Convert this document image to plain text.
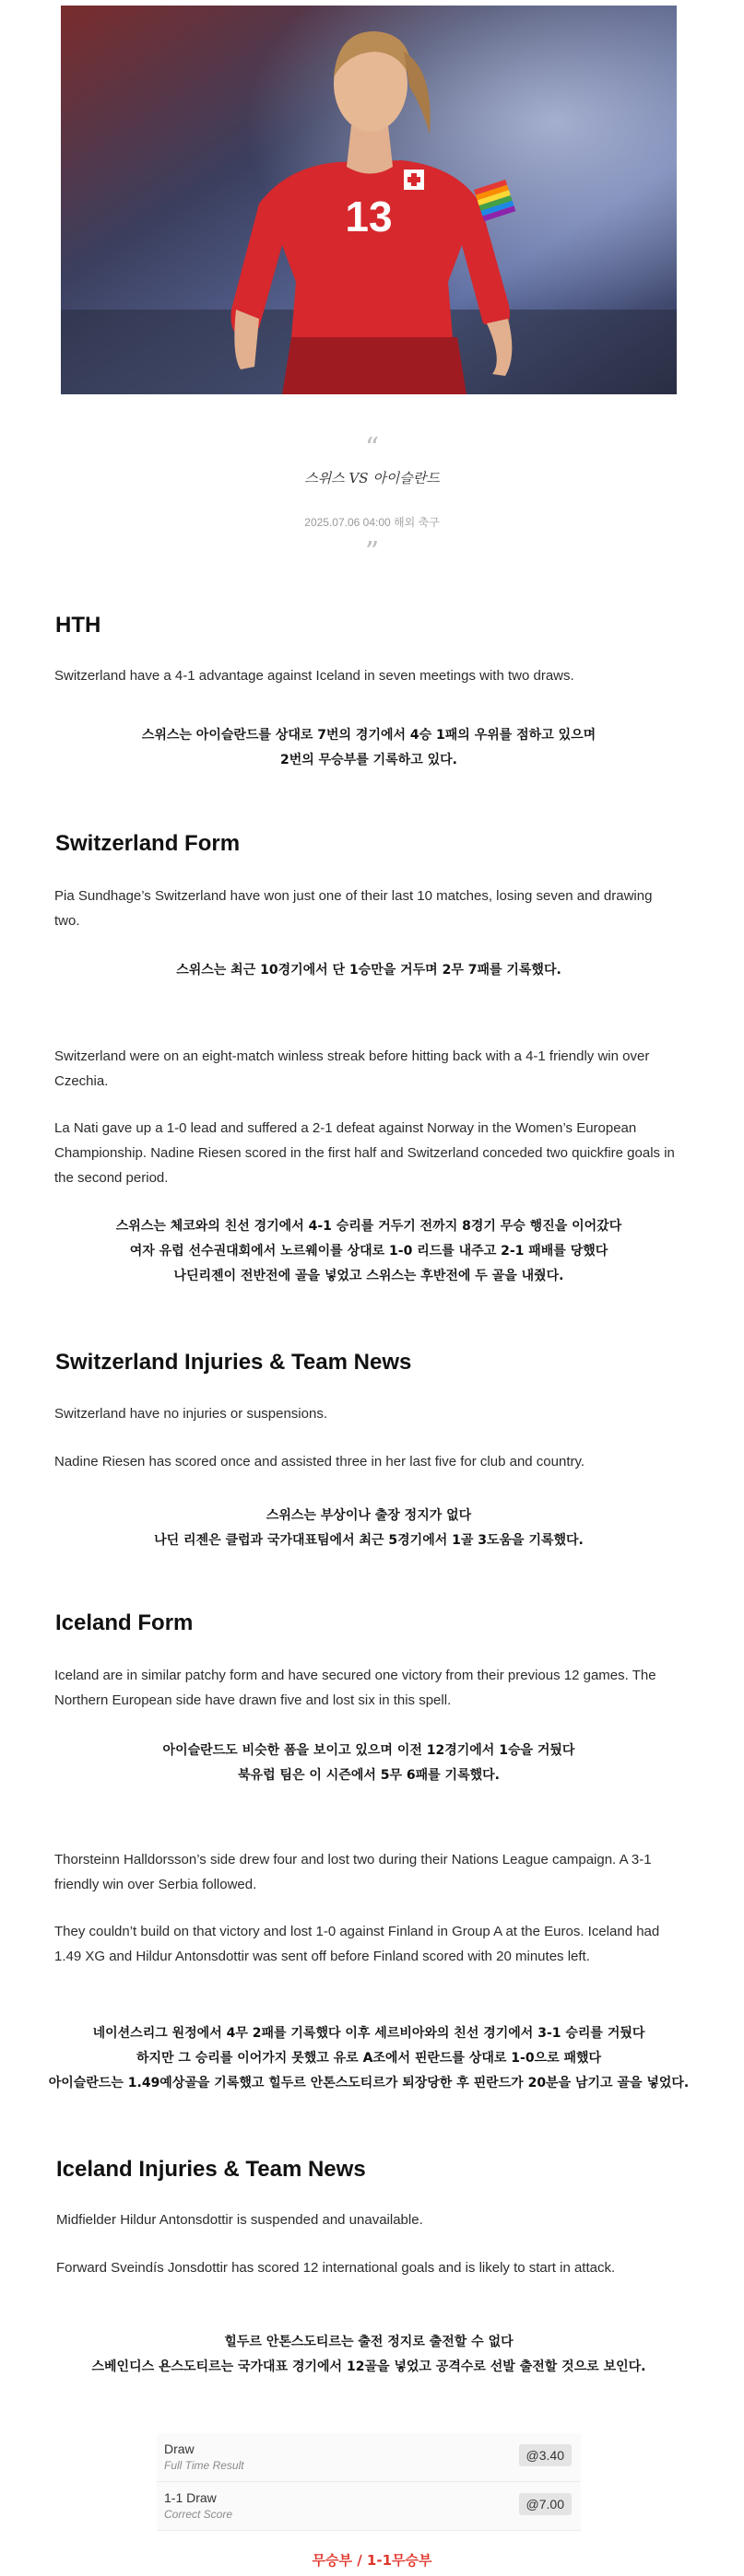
13
“
스위스 VS 아이슬란드
2025.07.06 04:00 해외 축구
”
HTH

Switzerland have a 4-1 advantage against Iceland in seven meetings with two draws.

스위스는 아이슬란드를 상대로 7번의 경기에서 4승 1패의 우위를 점하고 있으며
2번의 무승부를 기록하고 있다.
Switzerland Form

Pia Sundhage’s Switzerland have won just one of their last 10 matches, losing seven and drawing two.

스위스는 최근 10경기에서 단 1승만을 거두며 2무 7패를 기록했다.

Switzerland were on an eight-match winless streak before hitting back with a 4-1 friendly win over Czechia.

La Nati gave up a 1-0 lead and suffered a 2-1 defeat against Norway in the Women’s European Championship. Nadine Riesen scored in the first half and Switzerland conceded two quickfire goals in the second period.

스위스는 체코와의 친선 경기에서 4-1 승리를 거두기 전까지 8경기 무승 행진을 이어갔다
여자 유럽 선수권대회에서 노르웨이를 상대로 1-0 리드를 내주고 2-1 패배를 당했다
나딘리젠이 전반전에 골을 넣었고 스위스는 후반전에 두 골을 내줬다.
Switzerland Injuries & Team News

Switzerland have no injuries or suspensions.

Nadine Riesen has scored once and assisted three in her last five for club and country.

스위스는 부상이나 출장 정지가 없다
나딘 리젠은 클럽과 국가대표팀에서 최근 5경기에서 1골 3도움을 기록했다.
Iceland Form

Iceland are in similar patchy form and have secured one victory from their previous 12 games. The Northern European side have drawn five and lost six in this spell.

아이슬란드도 비슷한 폼을 보이고 있으며 이전 12경기에서 1승을 거뒀다
북유럽 팀은 이 시즌에서 5무 6패를 기록했다.

Thorsteinn Halldorsson’s side drew four and lost two during their Nations League campaign. A 3-1 friendly win over Serbia followed.

They couldn’t build on that victory and lost 1-0 against Finland in Group A at the Euros. Iceland had 1.49 XG and Hildur Antonsdottir was sent off before Finland scored with 20 minutes left.

네이션스리그 원정에서 4무 2패를 기록했다 이후 세르비아와의 친선 경기에서 3-1 승리를 거뒀다
하지만 그 승리를 이어가지 못했고 유로 A조에서 핀란드를 상대로 1-0으로 패했다
아이슬란드는 1.49예상골을 기록했고 힐두르 안톤스도티르가 퇴장당한 후 핀란드가 20분을 남기고 골을 넣었다.
Iceland Injuries & Team News

Midfielder Hildur Antonsdottir is suspended and unavailable.

Forward Sveindís Jonsdottir has scored 12 international goals and is likely to start in attack.

힐두르 안톤스도티르는 출전 정지로 출전할 수 없다
스베인디스 욘스도티르는 국가대표 경기에서 12골을 넣었고 공격수로 선발 출전할 것으로 보인다.
Draw
Full Time Result
@3.40
1-1 Draw
Correct Score
@7.00
무승부 / 1-1무승부
